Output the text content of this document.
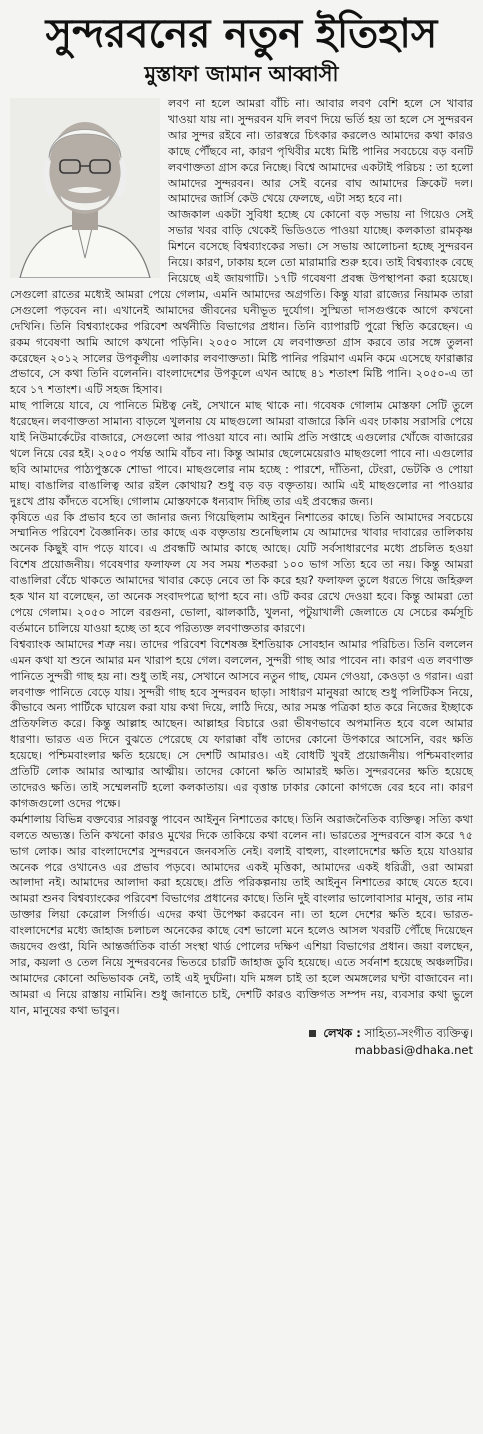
সুন্দরবনের নতুন ইতিহাস
মুস্তাফা জামান আব্বাসী

লবণ না হলে আমরা বাঁচি না। আবার লবণ বেশি হলে সে খাবার খাওয়া যায় না। সুন্দরবন যদি লবণ দিয়ে ভর্তি হয় তা হলে সে সুন্দরবন আর সুন্দর রইবে না। তারস্বরে চিৎকার করলেও আমাদের কথা কারও কাছে পৌঁছবে না, কারণ পৃথিবীর মধ্যে মিষ্টি পানির সবচেয়ে বড় বনটি লবণাক্ততা গ্রাস করে নিচ্ছে। বিশ্বে আমাদের একটাই পরিচয় : তা হলো আমাদের সুন্দরবন। আর সেই বনের বাঘ আমাদের ক্রিকেট দল। আমাদের জার্সি কেউ খেয়ে ফেলছে, এটা সহ্য হবে না।

আজকাল একটা সুবিধা হচ্ছে যে কোনো বড় সভায় না গিয়েও সেই সভার খবর বাড়ি থেকেই ভিডিওতে পাওয়া যাচ্ছে। কলকাতা রামকৃষ্ণ মিশনে বসেছে বিশ্বব্যাংকের সভা। সে সভায় আলোচনা হচ্ছে সুন্দরবন নিয়ে। কারণ, ঢাকায় হলে তো মারামারি শুরু হবে। তাই বিশ্বব্যাংক বেছে নিয়েছে এই জায়গাটি। ১৭টি গবেষণা প্রবন্ধ উপস্থাপনা করা হয়েছে। সেগুলো রাতের মধ্যেই আমরা পেয়ে গেলাম, এমনি আমাদের অগ্রগতি। কিন্তু যারা রাজ্যের নিয়ামক তারা সেগুলো পড়বেন না। এখানেই আমাদের জীবনের ঘনীভূত দুর্যোগ। সুস্মিতা দাসগুপ্তকে আগে কখনো দেখিনি। তিনি বিশ্বব্যাংকের পরিবেশ অর্থনীতি বিভাগের প্রধান। তিনি ব্যাপারটি পুরো স্থিতি করেছেন। এ রকম গবেষণা আমি আগে কখনো পড়িনি। ২০৫০ সালে যে লবণাক্ততা গ্রাস করবে তার সঙ্গে তুলনা করেছেন ২০১২ সালের উপকূলীয় এলাকার লবণাক্ততা। মিষ্টি পানির পরিমাণ এমনি কমে এসেছে ফারাক্কার প্রভাবে, সে কথা তিনি বলেননি। বাংলাদেশের উপকূলে এখন আছে ৪১ শতাংশ মিষ্টি পানি। ২০৫০-এ তা হবে ১৭ শতাংশ। এটি সহজ হিসাব।

মাছ পালিয়ে যাবে, যে পানিতে মিষ্টত্ব নেই, সেখানে মাছ থাকে না। গবেষক গোলাম মোস্তফা সেটি তুলে ধরেছেন। লবণাক্ততা সামান্য বাড়লে খুলনায় যে মাছগুলো আমরা বাজারে কিনি এবং ঢাকায় সরাসরি পেয়ে যাই নিউমার্কেটের বাজারে, সেগুলো আর পাওয়া যাবে না। আমি প্রতি সপ্তাহে এগুলোর খোঁজে বাজারের থলে নিয়ে বের হই। ২০৫০ পর্যন্ত আমি বাঁচব না। কিন্তু আমার ছেলেমেয়েরাও মাছগুলো পাবে না। এগুলোর ছবি আমাদের পাঠ্যপুস্তকে শোভা পাবে। মাছগুলোর নাম হচ্ছে : পারশে, দাঁতিনা, টেংরা, ভেটকি ও পোয়া মাছ। বাঙালির বাঙালিত্ব আর রইল কোথায়? শুধু বড় বড় বক্তৃতায়। আমি এই মাছগুলোর না পাওয়ার দুঃখে প্রায় কাঁদতে বসেছি। গোলাম মোস্তফাকে ধন্যবাদ দিচ্ছি তার এই প্রবন্ধের জন্য।

কৃষিতে এর কি প্রভাব হবে তা জানার জন্য গিয়েছিলাম আইনুন নিশাতের কাছে। তিনি আমাদের সবচেয়ে সম্মানিত পরিবেশ বৈজ্ঞানিক। তার কাছে এক বক্তৃতায় শুনেছিলাম যে আমাদের খাবার দাবারের তালিকায় অনেক কিছুই বাদ পড়ে যাবে। এ প্রবন্ধটি আমার কাছে আছে। যেটি সর্বসাধারণের মধ্যে প্রচলিত হওয়া বিশেষ প্রয়োজনীয়। গবেষণার ফলাফল যে সব সময় শতকরা ১০০ ভাগ সত্যি হবে তা নয়। কিন্তু আমরা বাঙালিরা বেঁচে থাকতে আমাদের খাবার কেড়ে নেবে তা কি করে হয়? ফলাফল তুলে ধরতে গিয়ে জহিরুল হক খান যা বলেছেন, তা অনেক সংবাদপত্রে ছাপা হবে না। ওটি কবর রেখে দেওয়া হবে। কিন্তু আমরা তো পেয়ে গেলাম। ২০৫০ সালে বরগুনা, ভোলা, ঝালকাঠি, খুলনা, পটুয়াখালী জেলাতে যে সেচের কর্মসূচি বর্তমানে চালিয়ে যাওয়া হচ্ছে তা হবে পরিত্যক্ত লবণাক্ততার কারণে।

বিশ্বব্যাংক আমাদের শত্রু নয়। তাদের পরিবেশ বিশেষজ্ঞ ইশতিয়াক সোবহান আমার পরিচিত। তিনি বললেন এমন কথা যা শুনে আমার মন খারাপ হয়ে গেল। বললেন, সুন্দরী গাছ আর পাবেন না। কারণ এত লবণাক্ত পানিতে সুন্দরী গাছ হয় না। শুধু তাই নয়, সেখানে আসবে নতুন গাছ, যেমন গেওয়া, কেওড়া ও গরান। এরা লবণাক্ত পানিতে বেড়ে যায়। সুন্দরী গাছ হবে সুন্দরবন ছাড়া। সাধারণ মানুষরা আছে শুধু পলিটিকস নিয়ে, কীভাবে অন্য পার্টিকে ঘায়েল করা যায় কথা দিয়ে, লাঠি দিয়ে, আর সমস্ত পত্রিকা হাত করে নিজের ইচ্ছাকে প্রতিফলিত করে। কিন্তু আল্লাহ আছেন। আল্লাহর বিচারে ওরা ভীষণভাবে অপমানিত হবে বলে আমার ধারণা। ভারত এত দিনে বুঝতে পেরেছে যে ফারাক্কা বাঁধ তাদের কোনো উপকারে আসেনি, বরং ক্ষতি হয়েছে। পশ্চিমবাংলার ক্ষতি হয়েছে। সে দেশটি আমারও। এই বোধটি খুবই প্রয়োজনীয়। পশ্চিমবাংলার প্রতিটি লোক আমার আত্মার আত্মীয়। তাদের কোনো ক্ষতি আমারই ক্ষতি। সুন্দরবনের ক্ষতি হয়েছে তাদেরও ক্ষতি। তাই সম্মেলনটি হলো কলকাতায়। এর বৃত্তান্ত ঢাকার কোনো কাগজে বের হবে না। কারণ কাগজগুলো ওদের পক্ষে।

কর্মশালায় বিভিন্ন বক্তব্যের সারবস্তু পাবেন আইনুন নিশাতের কাছে। তিনি অরাজনৈতিক ব্যক্তিত্ব। সত্যি কথা বলতে অভ্যস্ত। তিনি কখনো কারও মুখের দিকে তাকিয়ে কথা বলেন না। ভারতের সুন্দরবনে বাস করে ৭৫ ভাগ লোক। আর বাংলাদেশের সুন্দরবনে জনবসতি নেই। বলাই বাহুল্য, বাংলাদেশের ক্ষতি হয়ে যাওয়ার অনেক পরে ওখানেও এর প্রভাব পড়বে। আমাদের একই মৃত্তিকা, আমাদের একই ধরিত্রী, ওরা আমরা আলাদা নই। আমাদের আলাদা করা হয়েছে। প্রতি পরিকল্পনায় তাই আইনুন নিশাতের কাছে যেতে হবে। আমরা শুনব বিশ্বব্যাংকের পরিবেশ বিভাগের প্রধানের কাছে। তিনি দুই বাংলার ভালোবাসার মানুষ, তার নাম ডাক্তার লিয়া কেরোল সির্গার্ড। এদের কথা উপেক্ষা করবেন না। তা হলে দেশের ক্ষতি হবে। ভারত-বাংলাদেশের মধ্যে জাহাজ চলাচল অনেকের কাছে বেশ ভালো মনে হলেও আসল খবরটি পৌঁছে দিয়েছেন জয়দেব গুপ্তা, যিনি আন্তর্জাতিক বার্তা সংস্থা থার্ড পোলের দক্ষিণ এশিয়া বিভাগের প্রধান। জয়া বলছেন, সার, কয়লা ও তেল নিয়ে সুন্দরবনের ভিতরে চারটি জাহাজ ডুবি হয়েছে। এতে সর্বনাশ হয়েছে অঞ্চলটির। আমাদের কোনো অভিভাবক নেই, তাই এই দুর্ঘটনা। যদি মঙ্গল চাই তা হলে অমঙ্গলের ঘণ্টা বাজাবেন না। আমরা এ নিয়ে রাস্তায় নামিনি। শুধু জানাতে চাই, দেশটি কারও ব্যক্তিগত সম্পদ নয়, ব্যবসার কথা ভুলে যান, মানুষের কথা ভাবুন।

লেখক : সাহিত্য-সংগীত ব্যক্তিত্ব।
mabbasi@dhaka.net
